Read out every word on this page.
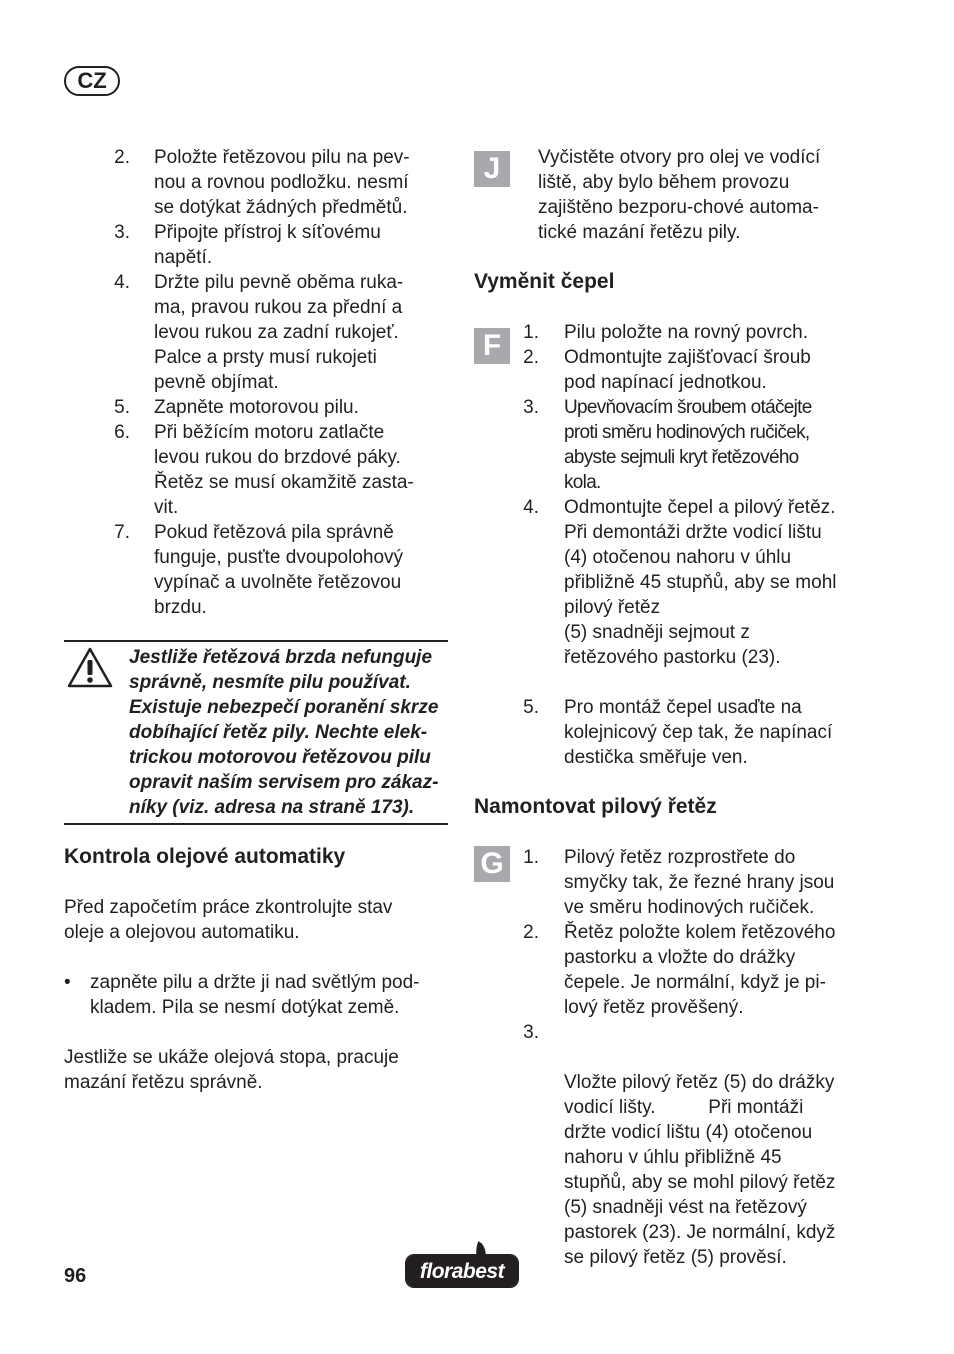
CZ
2. Položte řetězovou pilu na pev-
nou a rovnou podložku. nesmí
se dotýkat žádných předmětů.
3. Připojte přístroj k síťovému
napětí.
4. Držte pilu pevně oběma ruka-
ma, pravou rukou za přední a
levou rukou za zadní rukojeť.
Palce a prsty musí rukojeti
pevně objímat.
5. Zapněte motorovou pilu.
6. Při běžícím motoru zatlačte
levou rukou do brzdové páky.
Řetěz se musí okamžitě zasta-
vit.
7. Pokud řetězová pila správně
funguje, pusťte dvoupolohový
vypínač a uvolněte řetězovou
brzdu.
Jestliže řetězová brzda nefunguje
správně, nesmíte pilu používat.
Existuje nebezpečí poranění skrze
dobíhající řetěz pily. Nechte elek-
trickou motorovou řetězovou pilu
opravit naším servisem pro zákaz-
níky (viz. adresa na straně 173).
Kontrola olejové automatiky
Před započetím práce zkontrolujte stav
oleje a olejovou automatiku.
• zapněte pilu a držte ji nad světlým pod-
kladem. Pila se nesmí dotýkat země.
Jestliže se ukáže olejová stopa, pracuje
mazání řetězu správně.
J	Vyčistěte otvory pro olej ve vodící
liště, aby bylo během provozu
zajištěno bezporu-chové automa-
tické mazání řetězu pily.
Vyměnit čepel
F	1. Pilu položte na rovný povrch.
2. Odmontujte zajišťovací šroub
pod napínací jednotkou.
3. Upevňovacím šroubem otáčejte
proti směru hodinových ručiček,
abyste sejmuli kryt řetězového
kola.
4. Odmontujte čepel a pilový řetěz.
Při demontáži držte vodicí lištu
(4) otočenou nahoru v úhlu
přibližně 45 stupňů, aby se mohl
pilový řetěz
(5) snadněji sejmout z
řetězového pastorku (23).
5. Pro montáž čepel usaďte na
kolejnicový čep tak, že napínací
destička směřuje ven.
Namontovat pilový řetěz
G	1. Pilový řetěz rozprostřete do
smyčky tak, že řezné hrany jsou
ve směru hodinových ručiček.
2. Řetěz položte kolem řetězového
pastorku a vložte do drážky
čepele. Je normální, když je pi-
lový řetěz prověšený.
3.

Vložte pilový řetěz (5) do drážky
vodicí lišty.          Při montáži
držte vodicí lištu (4) otočenou
nahoru v úhlu přibližně 45
stupňů, aby se mohl pilový řetěz
(5) snadněji vést na řetězový
pastorek (23). Je normální, když
se pilový řetěz (5) prověsí.

96	florabest
